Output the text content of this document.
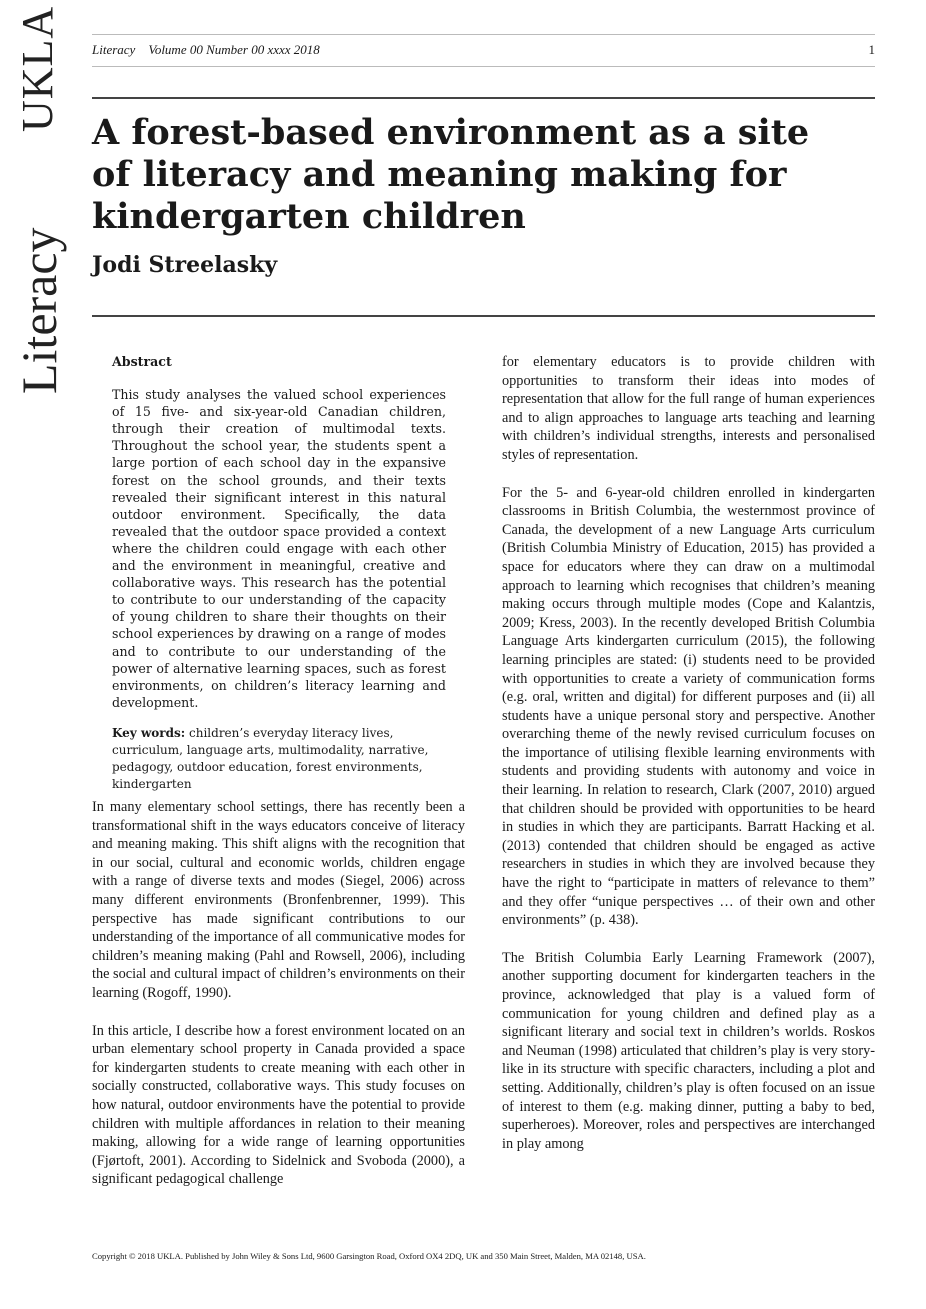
UKLA
Literacy
Literacy    Volume 00 Number 00 xxxx 2018	1
A forest-based environment as a site of literacy and meaning making for kindergarten children
Jodi Streelasky
Abstract

This study analyses the valued school experiences of 15 five- and six-year-old Canadian children, through their creation of multimodal texts. Throughout the school year, the students spent a large portion of each school day in the expansive forest on the school grounds, and their texts revealed their significant interest in this natural outdoor environment. Specifically, the data revealed that the outdoor space provided a context where the children could engage with each other and the environment in meaningful, creative and collaborative ways. This research has the potential to contribute to our understanding of the capacity of young children to share their thoughts on their school experiences by drawing on a range of modes and to contribute to our understanding of the power of alternative learning spaces, such as forest environments, on children’s literacy learning and development.

Key words: children’s everyday literacy lives, curriculum, language arts, multimodality, narrative, pedagogy, outdoor education, forest environments, kindergarten

In many elementary school settings, there has recently been a transformational shift in the ways educators conceive of literacy and meaning making. This shift aligns with the recognition that in our social, cultural and economic worlds, children engage with a range of diverse texts and modes (Siegel, 2006) across many different environments (Bronfenbrenner, 1999). This perspective has made significant contributions to our understanding of the importance of all communicative modes for children’s meaning making (Pahl and Rowsell, 2006), including the social and cultural impact of children’s environments on their learning (Rogoff, 1990).

In this article, I describe how a forest environment located on an urban elementary school property in Canada provided a space for kindergarten students to create meaning with each other in socially constructed, collaborative ways. This study focuses on how natural, outdoor environments have the potential to provide children with multiple affordances in relation to their meaning making, allowing for a wide range of learning opportunities (Fjørtoft, 2001). According to Sidelnick and Svoboda (2000), a significant pedagogical challenge

for elementary educators is to provide children with opportunities to transform their ideas into modes of representation that allow for the full range of human experiences and to align approaches to language arts teaching and learning with children’s individual strengths, interests and personalised styles of representation.

For the 5- and 6-year-old children enrolled in kindergarten classrooms in British Columbia, the westernmost province of Canada, the development of a new Language Arts curriculum (British Columbia Ministry of Education, 2015) has provided a space for educators where they can draw on a multimodal approach to learning which recognises that children’s meaning making occurs through multiple modes (Cope and Kalantzis, 2009; Kress, 2003). In the recently developed British Columbia Language Arts kindergarten curriculum (2015), the following learning principles are stated: (i) students need to be provided with opportunities to create a variety of communication forms (e.g. oral, written and digital) for different purposes and (ii) all students have a unique personal story and perspective. Another overarching theme of the newly revised curriculum focuses on the importance of utilising flexible learning environments with students and providing students with autonomy and voice in their learning. In relation to research, Clark (2007, 2010) argued that children should be provided with opportunities to be heard in studies in which they are participants. Barratt Hacking et al. (2013) contended that children should be engaged as active researchers in studies in which they are involved because they have the right to “participate in matters of relevance to them” and they offer “unique perspectives … of their own and other environments” (p. 438).

The British Columbia Early Learning Framework (2007), another supporting document for kindergarten teachers in the province, acknowledged that play is a valued form of communication for young children and defined play as a significant literary and social text in children’s worlds. Roskos and Neuman (1998) articulated that children’s play is very story-like in its structure with specific characters, including a plot and setting. Additionally, children’s play is often focused on an issue of interest to them (e.g. making dinner, putting a baby to bed, superheroes). Moreover, roles and perspectives are interchanged in play among

Copyright © 2018 UKLA. Published by John Wiley & Sons Ltd, 9600 Garsington Road, Oxford OX4 2DQ, UK and 350 Main Street, Malden, MA 02148, USA.
